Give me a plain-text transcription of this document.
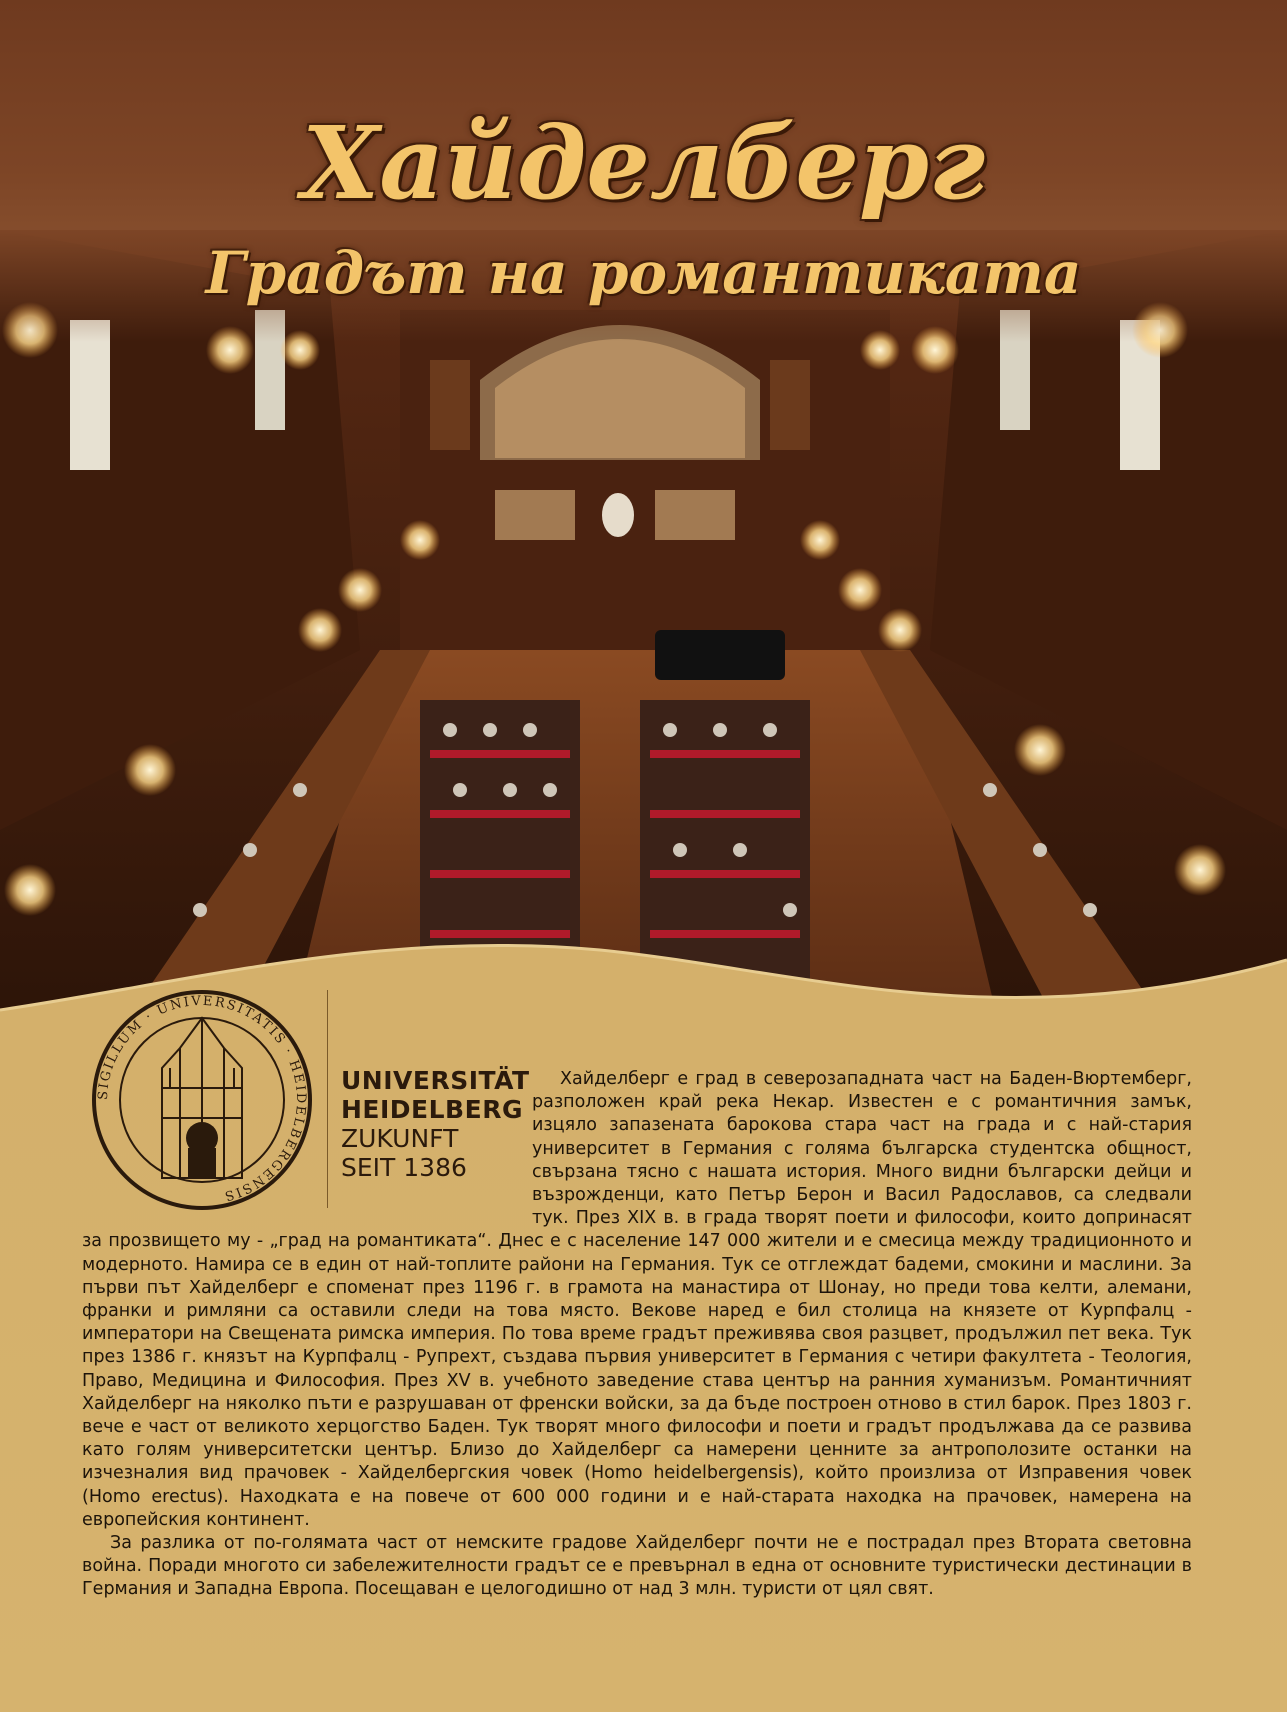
Хайделберг
Градът на романтиката
SIGILLUM · UNIVERSITATIS · HEIDELBERGENSIS
UNIVERSITÄT
HEIDELBERG
ZUKUNFT
SEIT 1386

Хайделберг е град в северозападната част на Баден-Вюртемберг, разположен край река Некар. Известен е с романтичния замък, изцяло запазената барокова стара част на града и с най-стария университет в Германия с голяма българска студентска общност, свързана тясно с нашата история. Много видни български дейци и възрожденци, като Петър Берон и Васил Радославов, са следвали тук. През XIX в. в града творят поети и философи, които допринасят за прозвището му - „град на романтиката“. Днес е с население 147 000 жители и е смесица между традиционното и модерното. Намира се в един от най-топлите райони на Германия. Тук се отглеждат бадеми, смокини и маслини. За първи път Хайделберг е споменат през 1196 г. в грамота на манастира от Шонау, но преди това келти, алемани, франки и римляни са оставили следи на това място. Векове наред е бил столица на князете от Курпфалц - императори на Свещената римска империя. По това време градът преживява своя разцвет, продължил пет века. Тук през 1386 г. князът на Курпфалц - Рупрехт, създава първия университет в Германия с четири факултета - Теология, Право, Медицина и Философия. През XV в. учебното заведение става център на ранния хуманизъм. Романтичният Хайделберг на няколко пъти е разрушаван от френски войски, за да бъде построен отново в стил барок. През 1803 г. вече е част от великото херцогство Баден. Тук творят много философи и поети и градът продължава да се развива като голям университетски център. Близо до Хайделберг са намерени ценните за антрополозите останки на изчезналия вид прачовек - Хайделбергския човек (Homo heidelbergensis), който произлиза от Изправения човек (Homo erectus). Находката е на повече от 600 000 години и е най-старата находка на прачовек, намерена на европейския континент.

За разлика от по-голямата част от немските градове Хайделберг почти не е пострадал през Втората световна война. Поради многото си забележителности градът се е превърнал в една от основните туристически дестинации в Германия и Западна Европа. Посещаван е целогодишно от над 3 млн. туристи от цял свят.
